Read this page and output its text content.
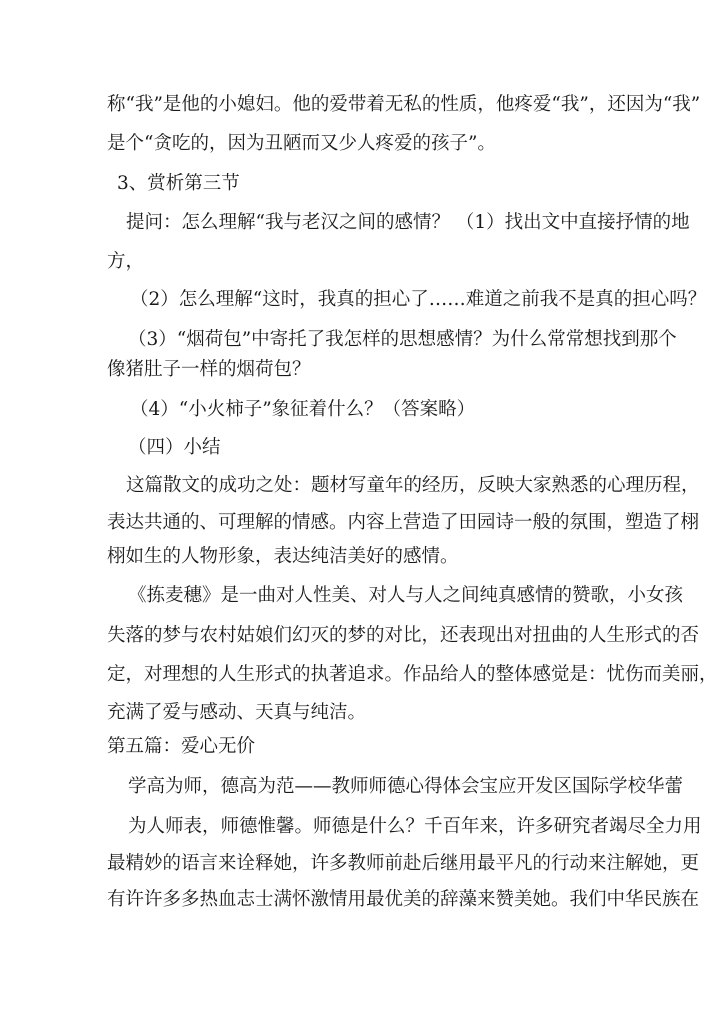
称“我”是他的小媳妇。他的爱带着无私的性质，他疼爱“我”，还因为“我”
是个“贪吃的，因为丑陋而又少人疼爱的孩子”。
3、赏析第三节
提问：怎么理解“我与老汉之间的感情？ （1）找出文中直接抒情的地
方，
（2）怎么理解“这时，我真的担心了……难道之前我不是真的担心吗？
（3）“烟荷包”中寄托了我怎样的思想感情？为什么常常想找到那个
像猪肚子一样的烟荷包？
（4）“小火柿子”象征着什么？（答案略）
（四）小结
这篇散文的成功之处：题材写童年的经历，反映大家熟悉的心理历程，
表达共通的、可理解的情感。内容上营造了田园诗一般的氛围，塑造了栩
栩如生的人物形象，表达纯洁美好的感情。
《拣麦穗》是一曲对人性美、对人与人之间纯真感情的赞歌，小女孩
失落的梦与农村姑娘们幻灭的梦的对比，还表现出对扭曲的人生形式的否
定，对理想的人生形式的执著追求。作品给人的整体感觉是：忧伤而美丽，
充满了爱与感动、天真与纯洁。
第五篇：爱心无价
学高为师，德高为范——教师师德心得体会宝应开发区国际学校华蕾
为人师表，师德惟馨。师德是什么？千百年来，许多研究者竭尽全力用
最精妙的语言来诠释她，许多教师前赴后继用最平凡的行动来注解她，更
有许许多多热血志士满怀激情用最优美的辞藻来赞美她。我们中华民族在
